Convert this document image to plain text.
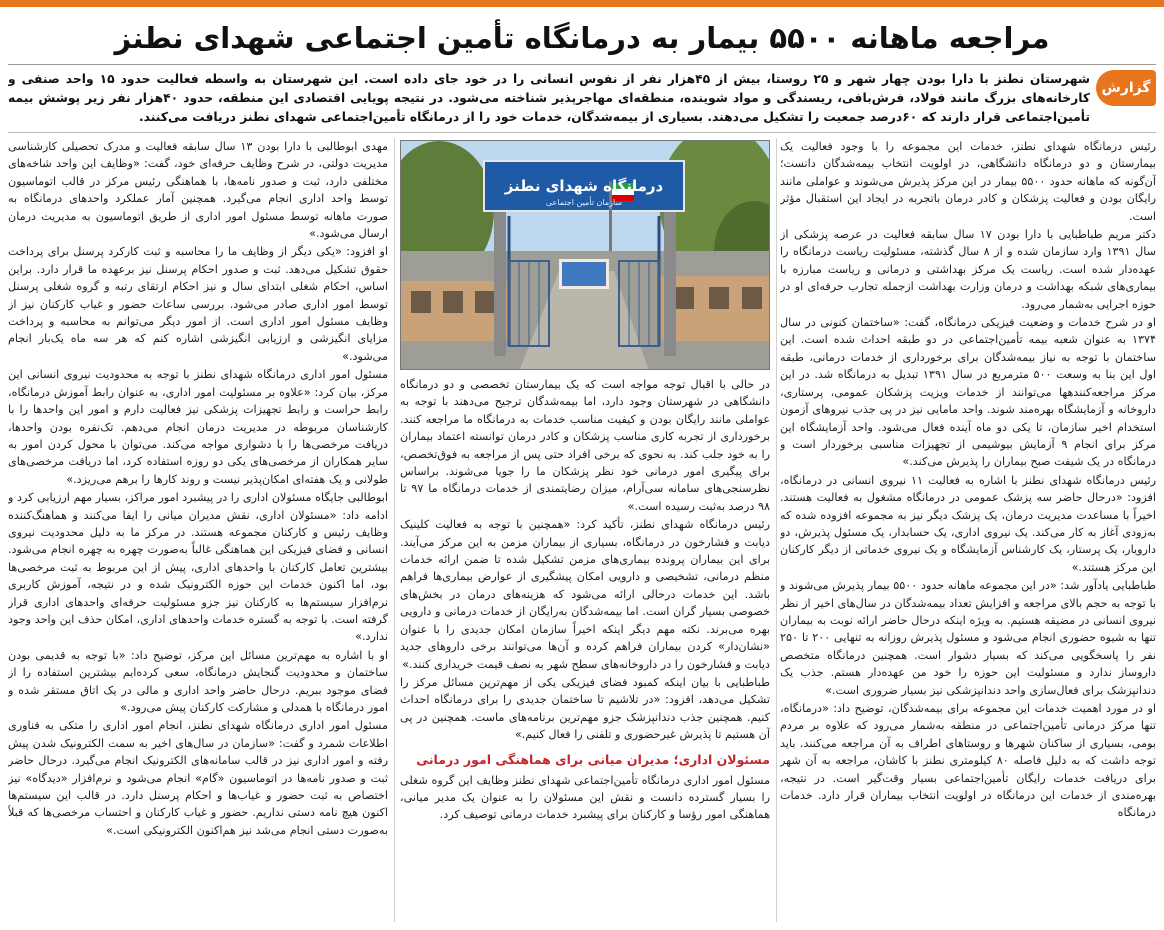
مراجعه ماهانه ۵۵۰۰ بیمار به درمانگاه تأمین اجتماعی شهدای نطنز
گزارش

شهرستان نطنز با دارا بودن چهار شهر و ۲۵ روستا، بیش از ۴۵هزار نفر از نفوس انسانی را در خود جای داده است. این شهرستان به واسطه فعالیت حدود ۱۵ واحد صنفی و کارخانه‌های بزرگ مانند فولاد، فرش‌بافی، ریسندگی و مواد شوینده، منطقه‌ای مهاجرپذیر شناخته می‌شود. در

نتیجه پویایی اقتصادی این منطقه، حدود ۴۰هزار نفر زیر پوشش بیمه تأمین‌اجتماعی قرار دارند که ۶۰درصد جمعیت را تشکیل می‌دهند. بسیاری از بیمه‌شدگان، خدمات خود را از درمانگاه تأمین‌اجتماعی شهدای نطنز دریافت می‌کنند.

رئیس درمانگاه شهدای نطنز، خدمات این مجموعه را با وجود فعالیت یک بیمارستان و دو درمانگاه دانشگاهی، در اولویت انتخاب بیمه‌شدگان دانست؛ آن‌گونه که ماهانه حدود ۵۵۰۰ بیمار در این مرکز پذیرش می‌شوند و عواملی مانند رایگان بودن و فعالیت پزشکان و کادر درمان باتجربه در ایجاد این استقبال مؤثر است.

دکتر مریم طباطبایی با دارا بودن ۱۷ سال سابقه فعالیت در عرصه پزشکی از سال ۱۳۹۱ وارد سازمان شده و از ۸ سال گذشته، مسئولیت ریاست درمانگاه را عهده‌دار شده است. ریاست یک مرکز بهداشتی و درمانی و ریاست مبارزه با بیماری‌های شبکه بهداشت و درمان وزارت بهداشت ازجمله تجارب حرفه‌ای او در حوزه اجرایی به‌شمار می‌رود.

او در شرح خدمات و وضعیت فیزیکی درمانگاه، گفت: «ساختمان کنونی در سال ۱۳۷۴ به عنوان شعبه بیمه تأمین‌اجتماعی در دو طبقه احداث شده است. این ساختمان با توجه به نیاز بیمه‌شدگان برای برخورداری از خدمات درمانی، طبقه اول این بنا به وسعت ۵۰۰ مترمربع در سال ۱۳۹۱ تبدیل به درمانگاه شد. در این مرکز مراجعه‌کنندهها می‌توانند از خدمات ویزیت پزشکان عمومی، پرستاری، داروخانه و آزمایشگاه بهره‌مند شوند. واحد مامایی نیز در پی جذب نیروهای آزمون استخدام اخیر سازمان، تا یکی دو ماه آینده فعال می‌شود. واحد آزمایشگاه این مرکز برای انجام ۹ آزمایش بیوشیمی از تجهیزات مناسبی برخوردار است و درمانگاه در یک شیفت صبح بیماران را پذیرش می‌کند.»

رئیس درمانگاه شهدای نطنز با اشاره به فعالیت ۱۱ نیروی انسانی در درمانگاه، افزود: «درحال حاضر سه پزشک عمومی در درمانگاه مشغول به فعالیت هستند. اخیراً با مساعدت مدیریت درمان، یک پزشک دیگر نیز به مجموعه افزوده شده که به‌زودی آغاز به کار می‌کند. یک نیروی اداری، یک حسابدار، یک مسئول پذیرش، دو دارویار، یک پرستار، یک کارشناس آزمایشگاه و یک نیروی خدماتی از دیگر کارکنان این مرکز هستند.»

طباطبایی یادآور شد: «در این مجموعه ماهانه حدود ۵۵۰۰ بیمار پذیرش می‌شوند و با توجه به حجم بالای مراجعه و افزایش تعداد بیمه‌شدگان در سال‌های اخیر از نظر نیروی انسانی در مضیقه هستیم. به ویژه اینکه درحال حاضر ارائه نوبت به بیماران تنها به شیوه حضوری انجام می‌شود و مسئول پذیرش روزانه به تنهایی ۲۰۰ تا ۲۵۰ نفر را پاسخگویی می‌کند که بسیار دشوار است. همچنین درمانگاه متخصص داروساز ندارد و مسئولیت این حوزه را خود من عهده‌دار هستم. جذب یک دندانپزشک برای فعال‌سازی واحد دندانپزشکی نیز بسیار ضروری است.»

او در مورد اهمیت خدمات این مجموعه برای بیمه‌شدگان، توضیح داد: «درمانگاه، تنها مرکز درمانی تأمین‌اجتماعی در منطقه به‌شمار می‌رود که علاوه بر مردم بومی، بسیاری از ساکنان شهرها و روستاهای اطراف به آن مراجعه می‌کنند. باید توجه داشت که به دلیل فاصله ۸۰ کیلومتری نطنز با کاشان، مراجعه به آن شهر برای دریافت خدمات رایگان تأمین‌اجتماعی بسیار وقت‌گیر است. در نتیجه، بهره‌مندی از خدمات این درمانگاه در اولویت انتخاب بیماران قرار دارد. خدمات درمانگاه

درمانگاه شهدای نطنز
سازمان تأمین اجتماعی

در حالی با اقبال توجه مواجه است که یک بیمارستان تخصصی و دو درمانگاه دانشگاهی در شهرستان وجود دارد، اما بیمه‌شدگان ترجیح می‌دهند با توجه به عواملی مانند رایگان بودن و کیفیت مناسب خدمات به درمانگاه ما مراجعه کنند. برخورداری از تجربه کاری مناسب پزشکان و کادر درمان توانسته اعتماد بیماران را به خود جلب کند. به نحوی که برخی افراد حتی پس از مراجعه به فوق‌تخصص، برای پیگیری امور درمانی خود نظر پزشکان ما را جویا می‌شوند. براساس نظرسنجی‌های سامانه سی‌آر‌ام، میزان رضایتمندی از خدمات درمانگاه ما ۹۷ تا ۹۸ درصد به‌ثبت رسیده است.»

رئیس درمانگاه شهدای نطنز، تأکید کرد: «همچنین با توجه به فعالیت کلینیک دیابت و فشارخون در درمانگاه، بسیاری از بیماران مزمن به این مرکز می‌آیند. برای این بیماران پرونده بیماری‌های مزمن تشکیل شده تا ضمن ارائه خدمات منظم درمانی، تشخیصی و دارویی امکان پیشگیری از عوارض بیماری‌ها فراهم باشد. این خدمات درحالی ارائه می‌شود که هزینه‌های درمان در بخش‌های خصوصی بسیار گران است. اما بیمه‌شدگان به‌رایگان از خدمات درمانی و دارویی بهره می‌برند. نکته مهم دیگر اینکه اخیراً سازمان امکان جدیدی را با عنوان «نشان‌دار» کردن بیماران فراهم کرده و آن‌ها می‌توانند برخی داروهای جدید دیابت و فشارخون را در داروخانه‌های سطح شهر به نصف قیمت خریداری کنند.»

طباطبایی با بیان اینکه کمبود فضای فیزیکی یکی از مهم‌ترین مسائل مرکز را تشکیل می‌دهد، افزود: «در تلاشیم تا ساختمان جدیدی را برای درمانگاه احداث کنیم. همچنین جذب دندانپزشک جزو مهم‌ترین برنامه‌های ماست. همچنین در پی آن هستیم تا پذیرش غیرحضوری و تلفنی را فعال کنیم.»

مسئولان اداری؛ مدیران میانی برای هماهنگی امور درمانی

مسئول امور اداری درمانگاه تأمین‌اجتماعی شهدای نطنز وظایف این گروه شغلی را بسیار گسترده دانست و نقش این مسئولان را به عنوان یک مدیر میانی، هماهنگی امور رؤسا و کارکنان برای پیشبرد خدمات درمانی توصیف کرد.

مهدی ابوطالبی با دارا بودن ۱۳ سال سابقه فعالیت و مدرک تحصیلی کارشناسی مدیریت دولتی، در شرح وظایف حرفه‌ای خود، گفت: «وظایف این واحد شاخه‌های مختلفی دارد، ثبت و صدور نامه‌ها، با هماهنگی رئیس مرکز در قالب اتوماسیون توسط واحد اداری انجام می‌گیرد. همچنین آمار عملکرد واحدهای درمانگاه به صورت ماهانه توسط مسئول امور اداری از طریق اتوماسیون به مدیریت درمان ارسال می‌شود.»

او افزود: «یکی دیگر از وظایف ما را محاسبه و ثبت کارکرد پرسنل برای پرداخت حقوق تشکیل می‌دهد. ثبت و صدور احکام پرسنل نیز برعهده ما قرار دارد. براین اساس، احکام شغلی ابتدای سال و نیز احکام ارتقای رتبه و گروه شغلی پرسنل توسط امور اداری صادر می‌شود. بررسی ساعات حضور و غیاب کارکنان نیز از وظایف مسئول امور اداری است. از امور دیگر می‌توانم به محاسبه و پرداخت مزایای انگیزشی و ارزیابی انگیزشی اشاره کنم که هر سه ماه یک‌بار انجام می‌شود.»

مسئول امور اداری درمانگاه شهدای نطنز با توجه به محدودیت نیروی انسانی این مرکز، بیان کرد: «علاوه بر مسئولیت امور اداری، به عنوان رابط آموزش درمانگاه، رابط حراست و رابط تجهیزات پزشکی نیز فعالیت دارم و امور این واحدها را با کارشناسان مربوطه در مدیریت درمان انجام می‌دهم. تک‌نفره بودن واحدها، دریافت مرخصی‌ها را با دشواری مواجه می‌کند. می‌توان با محول کردن امور به سایر همکاران از مرخصی‌های یکی دو روزه استفاده کرد، اما دریافت مرخصی‌های طولانی و یک هفته‌ای امکان‌پذیر نیست و روند کارها را برهم می‌ریزد.»

ابوطالبی جایگاه مسئولان اداری را در پیشبرد امور مراکز، بسیار مهم ارزیابی کرد و ادامه داد: «مسئولان اداری، نقش مدیران میانی را ایفا می‌کنند و هماهنگ‌کننده وظایف رئیس و کارکنان مجموعه هستند. در مرکز ما به دلیل محدودیت نیروی انسانی و فضای فیزیکی این هماهنگی غالباً به‌صورت چهره به چهره انجام می‌شود. بیشترین تعامل کارکنان با واحدهای اداری، پیش از این مربوط به ثبت مرخصی‌ها بود، اما اکنون خدمات این حوزه الکترونیک شده و در نتیجه، آموزش کاربری نرم‌افزار سیستم‌ها به کارکنان نیز جزو مسئولیت حرفه‌ای واحدهای اداری قرار گرفته است. با توجه به گستره خدمات واحدهای اداری، امکان حذف این واحد وجود ندارد.»

او با اشاره به مهم‌ترین مسائل این مرکز، توضیح داد: «با توجه به قدیمی بودن ساختمان و محدودیت گنجایش درمانگاه، سعی کرده‌ایم بیشترین استفاده را از فضای موجود ببریم. درحال حاضر واحد اداری و مالی در یک اتاق مستقر شده و امور درمانگاه با همدلی و مشارکت کارکنان پیش می‌رود.»

مسئول امور اداری درمانگاه شهدای نطنز، انجام امور اداری را متکی به فناوری اطلاعات شمرد و گفت: «سازمان در سال‌های اخیر به سمت الکترونیک شدن پیش رفته و امور اداری نیز در قالب سامانه‌های الکترونیک انجام می‌گیرد. درحال حاضر ثبت و صدور نامه‌ها در اتوماسیون «گام» انجام می‌شود و نرم‌افزار «دیدگاه» نیز اختصاص به ثبت حضور و غیاب‌ها و احکام پرسنل دارد. در قالب این سیستم‌ها اکنون هیچ نامه دستی نداریم. حضور و غیاب کارکنان و احتساب مرخصی‌ها که قبلاً به‌صورت دستی انجام می‌شد نیز هم‌اکنون الکترونیکی است.»
